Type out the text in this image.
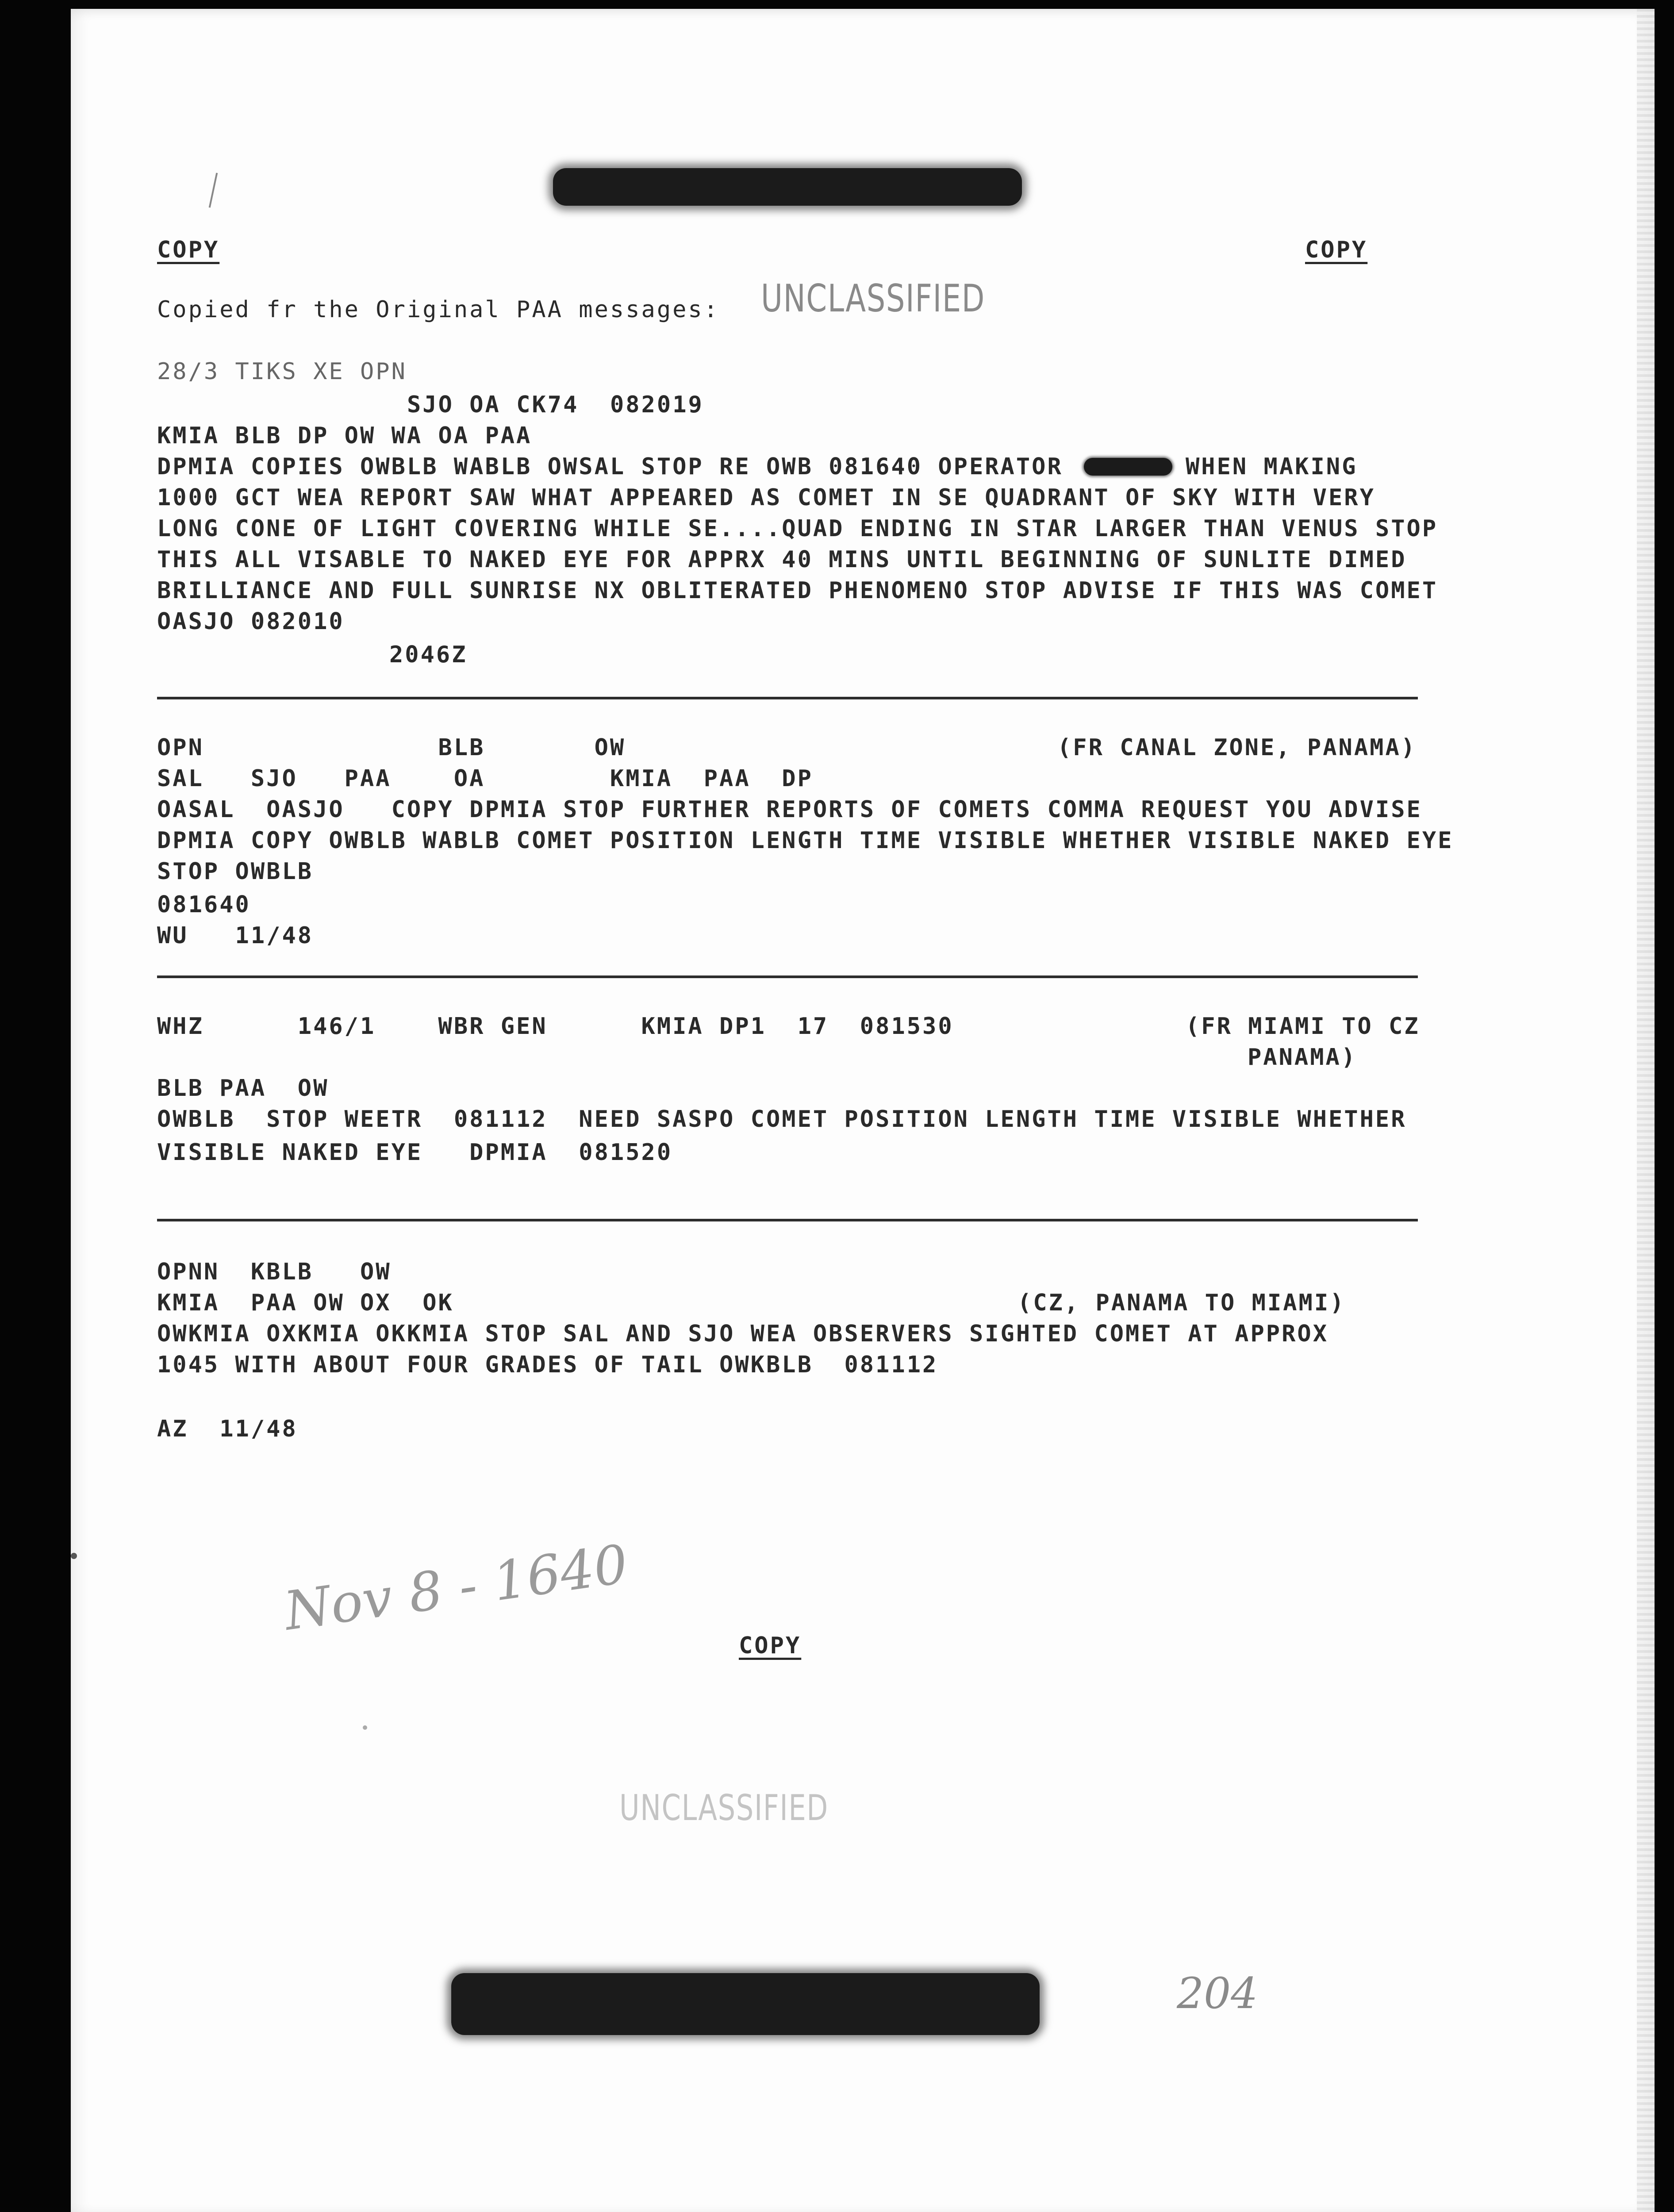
COPY	COPY
Copied fr the Original PAA messages: UNCLASSIFIED
28/3 TIKS XE OPN
SJO OA CK74  082019
KMIA BLB DP OW WA OA PAA
DPMIA COPIES OWBLB WABLB OWSAL STOP RE OWB 081640 OPERATOR	WHEN MAKING
1000 GCT WEA REPORT SAW WHAT APPEARED AS COMET IN SE QUADRANT OF SKY WITH VERY
LONG CONE OF LIGHT COVERING WHILE SE....QUAD ENDING IN STAR LARGER THAN VENUS STOP
THIS ALL VISABLE TO NAKED EYE FOR APPRX 40 MINS UNTIL BEGINNING OF SUNLITE DIMED
BRILLIANCE AND FULL SUNRISE NX OBLITERATED PHENOMENO STOP ADVISE IF THIS WAS COMET
OASJO 082010
2046Z
OPN               BLB       OW	(FR CANAL ZONE, PANAMA)
SAL   SJO   PAA    OA        KMIA  PAA  DP
OASAL  OASJO   COPY DPMIA STOP FURTHER REPORTS OF COMETS COMMA REQUEST YOU ADVISE
DPMIA COPY OWBLB WABLB COMET POSITION LENGTH TIME VISIBLE WHETHER VISIBLE NAKED EYE
STOP OWBLB
081640
WU   11/48
WHZ      146/1    WBR GEN      KMIA DP1  17  081530	(FR MIAMI TO CZ
PANAMA)
BLB PAA  OW
OWBLB  STOP WEETR  081112  NEED SASPO COMET POSITION LENGTH TIME VISIBLE WHETHER
VISIBLE NAKED EYE   DPMIA  081520
OPNN  KBLB   OW
KMIA  PAA OW OX  OK	(CZ, PANAMA TO MIAMI)
OWKMIA OXKMIA OKKMIA STOP SAL AND SJO WEA OBSERVERS SIGHTED COMET AT APPROX
1045 WITH ABOUT FOUR GRADES OF TAIL OWKBLB  081112
AZ  11/48
Nov 8 - 1640
COPY
UNCLASSIFIED
204
